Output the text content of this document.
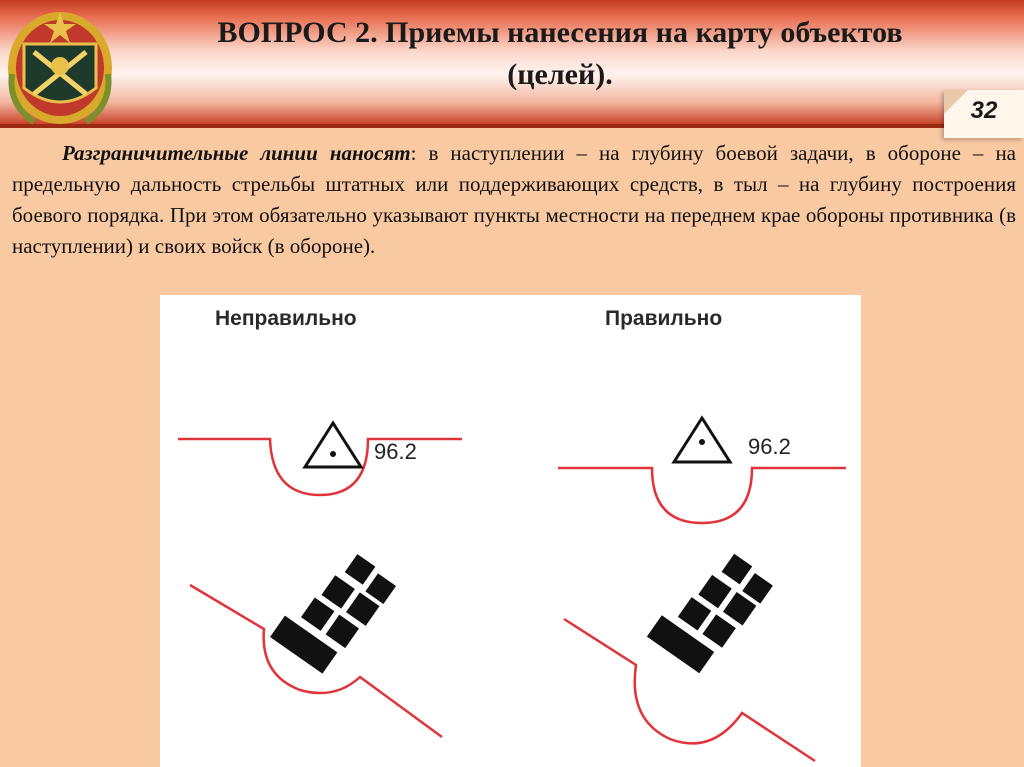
ВОПРОС 2. Приемы нанесения на карту объектов
(целей).
32

Разграничительные линии наносят: в наступлении – на глубину боевой задачи, в обороне – на предельную дальность стрельбы штатных или поддерживающих средств, в тыл – на глубину построения боевого порядка. При этом обязательно указывают пункты местности на переднем крае обороны противника (в наступлении) и своих войск (в обороне).

Неправильно	Правильно
96.2	96.2
